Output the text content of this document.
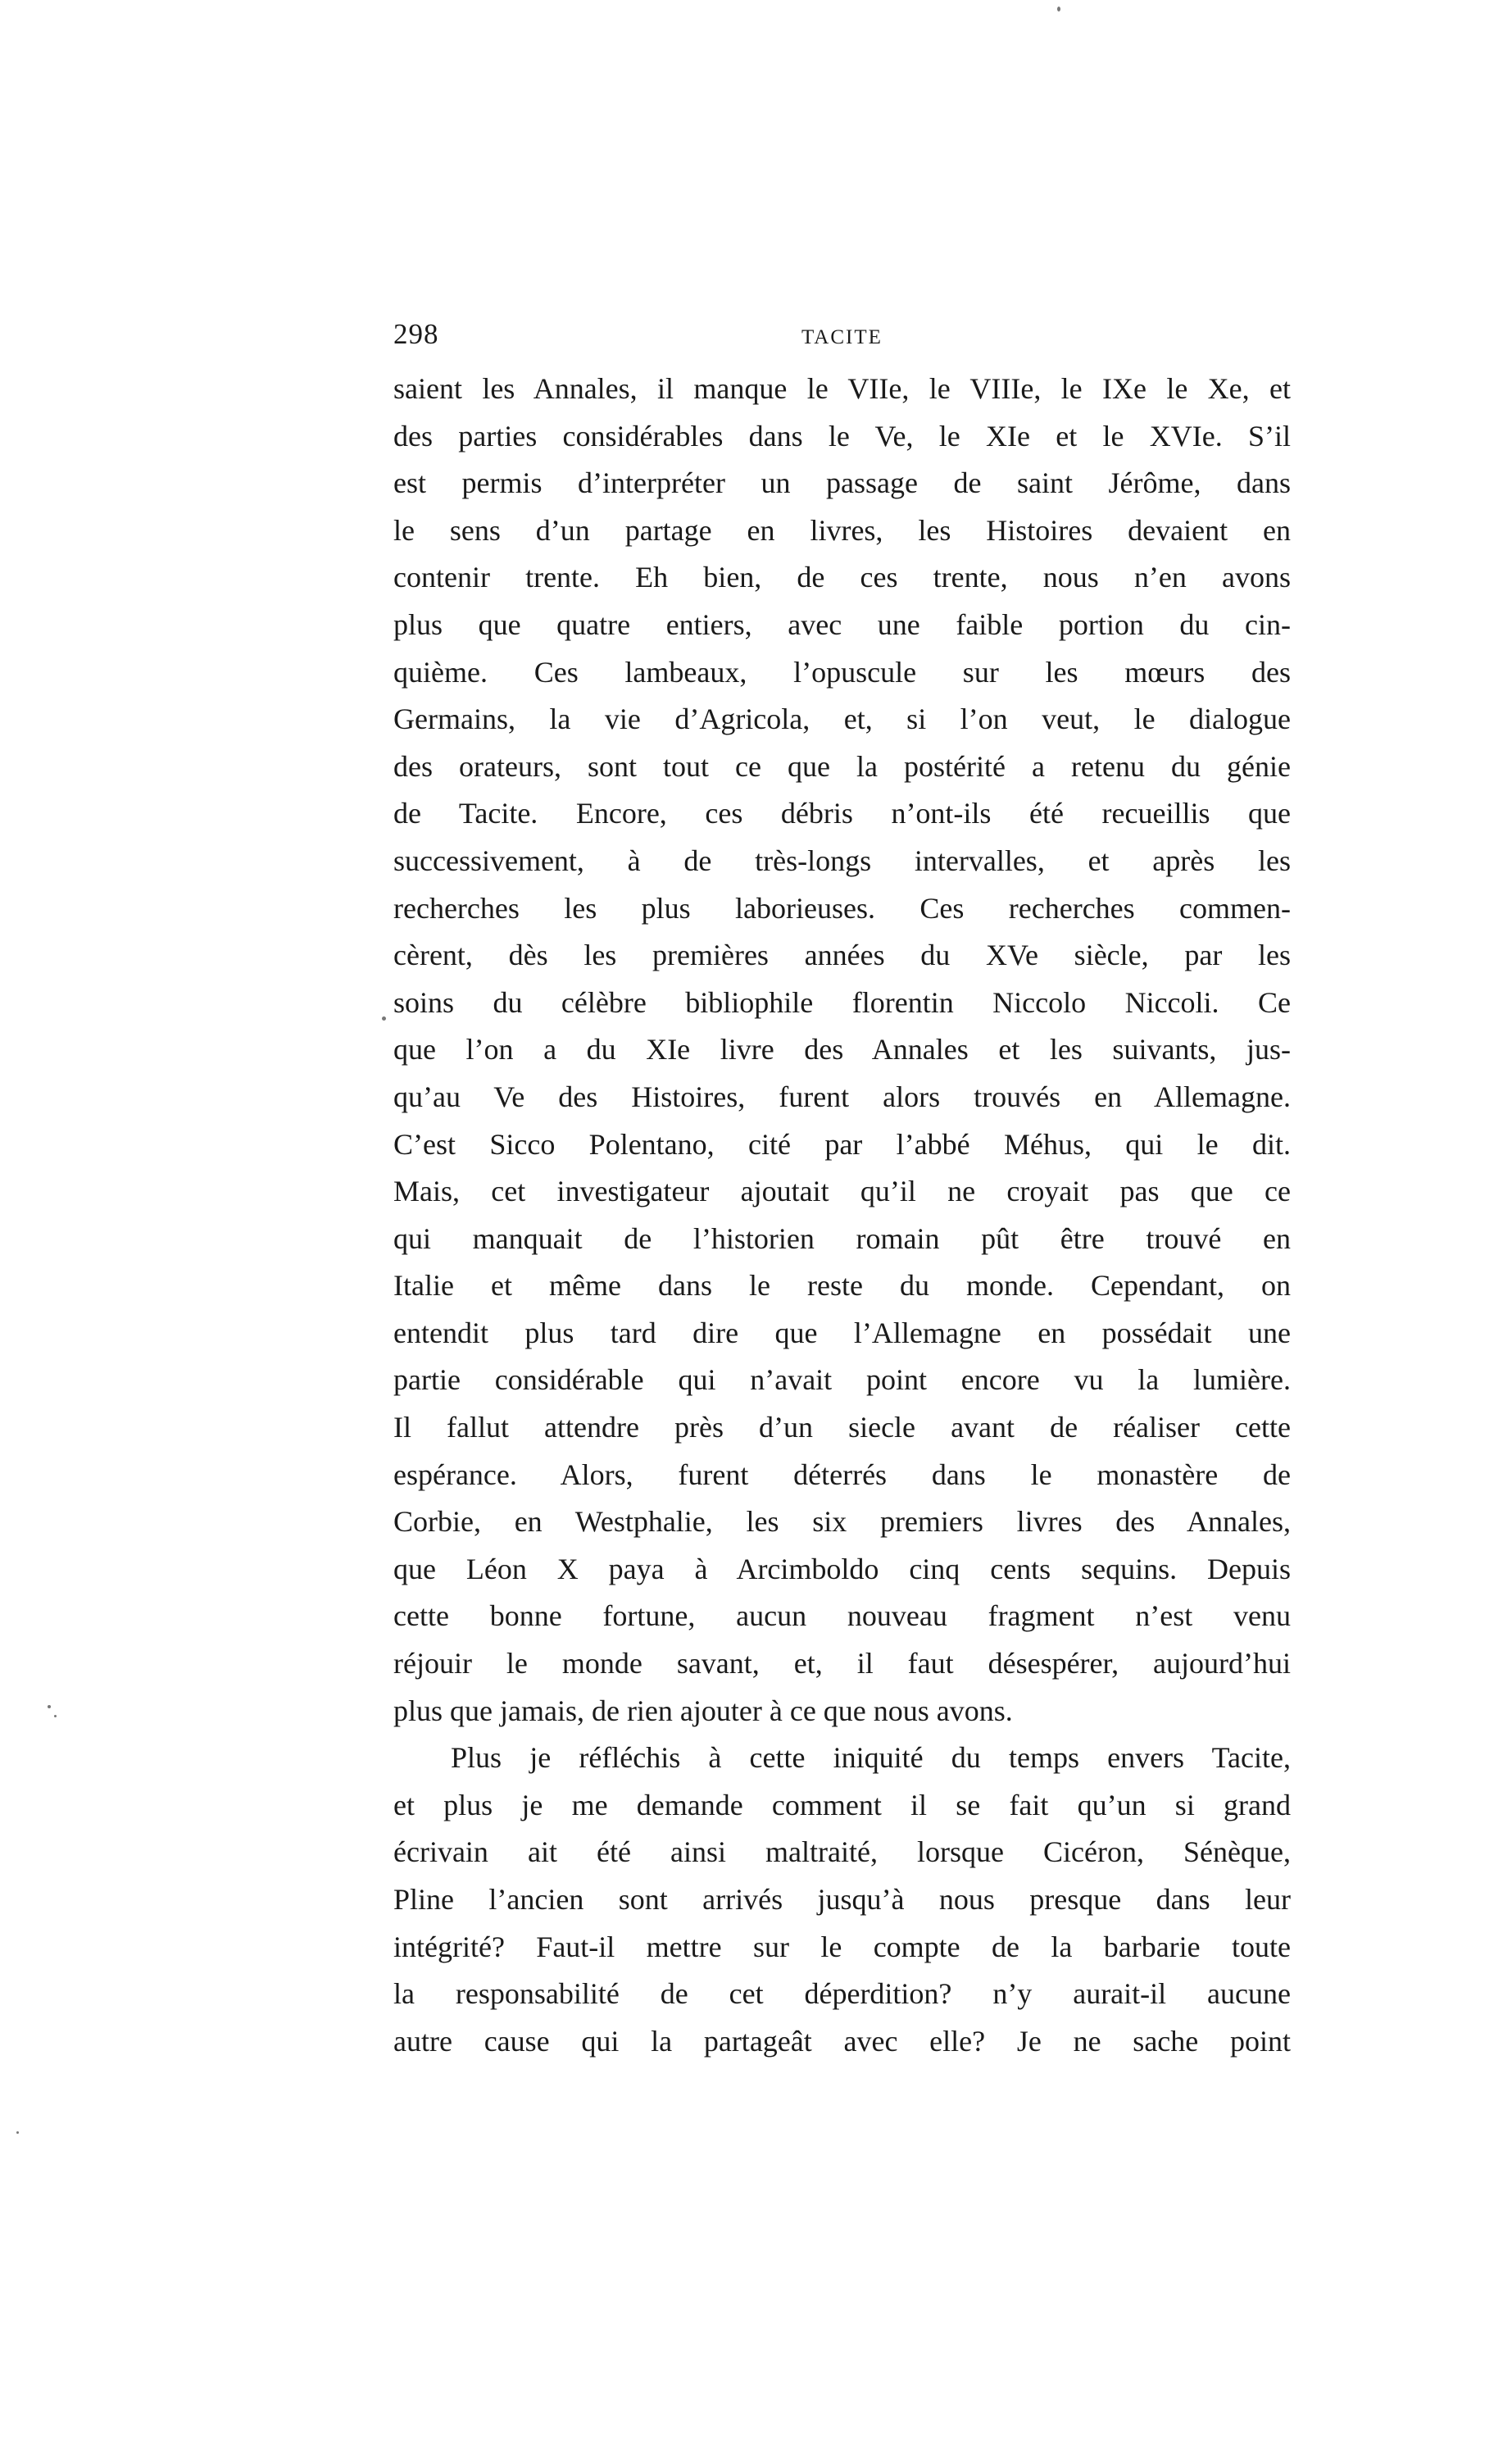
298	TACITE
saient les Annales, il manque le VIIe, le VIIIe, le IXe le Xe, et
des parties considérables dans le Ve, le XIe et le XVIe. S’il
est permis d’interpréter un passage de saint Jérôme, dans
le sens d’un partage en livres, les Histoires devaient en
contenir trente. Eh bien, de ces trente, nous n’en avons
plus que quatre entiers, avec une faible portion du cin-
quième. Ces lambeaux, l’opuscule sur les mœurs des
Germains, la vie d’Agricola, et, si l’on veut, le dialogue
des orateurs, sont tout ce que la postérité a retenu du génie
de Tacite. Encore, ces débris n’ont-ils été recueillis que
successivement, à de très-longs intervalles, et après les
recherches les plus laborieuses. Ces recherches commen-
cèrent, dès les premières années du XVe siècle, par les
soins du célèbre bibliophile florentin Niccolo Niccoli. Ce
que l’on a du XIe livre des Annales et les suivants, jus-
qu’au Ve des Histoires, furent alors trouvés en Allemagne.
C’est Sicco Polentano, cité par l’abbé Méhus, qui le dit.
Mais, cet investigateur ajoutait qu’il ne croyait pas que ce
qui manquait de l’historien romain pût être trouvé en
Italie et même dans le reste du monde. Cependant, on
entendit plus tard dire que l’Allemagne en possédait une
partie considérable qui n’avait point encore vu la lumière.
Il fallut attendre près d’un siecle avant de réaliser cette
espérance. Alors, furent déterrés dans le monastère de
Corbie, en Westphalie, les six premiers livres des Annales,
que Léon X paya à Arcimboldo cinq cents sequins. Depuis
cette bonne fortune, aucun nouveau fragment n’est venu
réjouir le monde savant, et, il faut désespérer, aujourd’hui
plus que jamais, de rien ajouter à ce que nous avons.
Plus je réfléchis à cette iniquité du temps envers Tacite,
et plus je me demande comment il se fait qu’un si grand
écrivain ait été ainsi maltraité, lorsque Cicéron, Sénèque,
Pline l’ancien sont arrivés jusqu’à nous presque dans leur
intégrité? Faut-il mettre sur le compte de la barbarie toute
la responsabilité de cet déperdition? n’y aurait-il aucune
autre cause qui la partageât avec elle? Je ne sache point
